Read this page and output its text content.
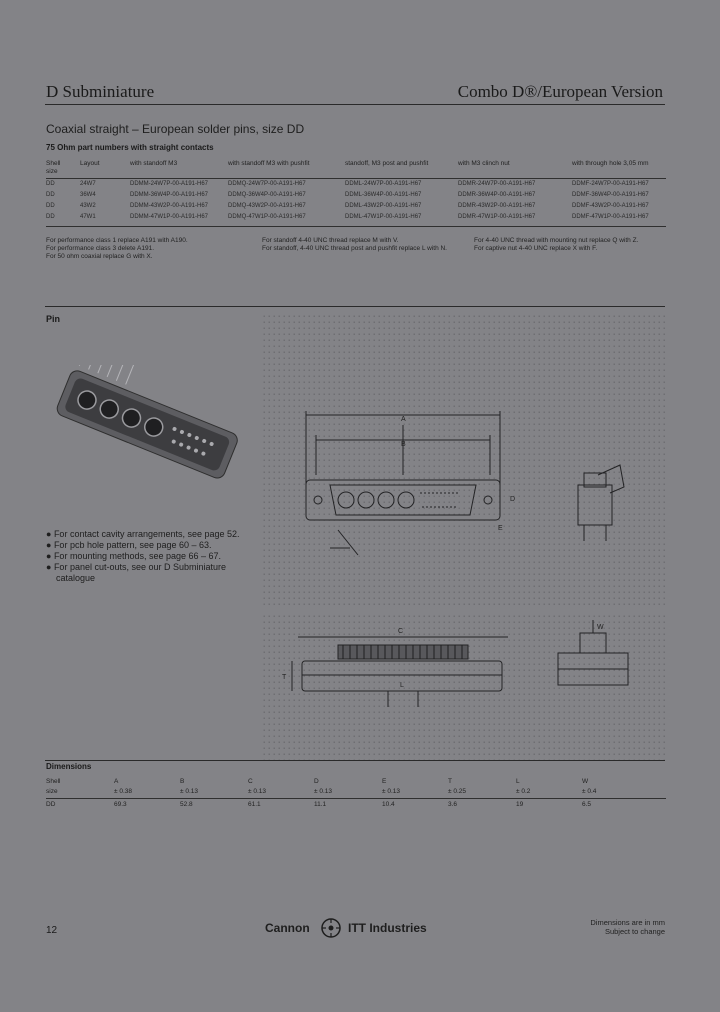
D Subminiature	Combo D®/European Version
Coaxial straight – European solder pins, size DD
75 Ohm part numbers with straight contacts
Shell size
Layout	with standoff M3	with standoff M3 with pushfit	standoff, M3 post and pushfit	with M3 clinch nut	with through hole 3,05 mm
DD	24W7	DDMM-24W7P-00-A191-H67	DDMQ-24W7P-00-A191-H67	DDML-24W7P-00-A191-H67	DDMR-24W7P-00-A191-H67	DDMF-24W7P-00-A191-H67
DD	36W4	DDMM-36W4P-00-A191-H67	DDMQ-36W4P-00-A191-H67	DDML-36W4P-00-A191-H67	DDMR-36W4P-00-A191-H67	DDMF-36W4P-00-A191-H67
DD	43W2	DDMM-43W2P-00-A191-H67	DDMQ-43W2P-00-A191-H67	DDML-43W2P-00-A191-H67	DDMR-43W2P-00-A191-H67	DDMF-43W2P-00-A191-H67
DD	47W1	DDMM-47W1P-00-A191-H67	DDMQ-47W1P-00-A191-H67	DDML-47W1P-00-A191-H67	DDMR-47W1P-00-A191-H67	DDMF-47W1P-00-A191-H67
For performance class 1 replace A191 with A190.
For performance class 3 delete A191.
For 50 ohm coaxial replace G with X.
For standoff 4-40 UNC thread replace M with V.
For standoff, 4-40 UNC thread post and pushfit replace L with N.
For 4-40 UNC thread with mounting nut replace Q with Z.
For captive nut 4-40 UNC replace X with F.
Pin
● For contact cavity arrangements, see page 52.
● For pcb hole pattern, see page 60 – 63.
● For mounting methods, see page 66 – 67.
● For panel cut-outs, see our D Subminiature catalogue
A
B
D
E
C
T
L
W
Dimensions
Shell	A	B	C	D	E	T	L	W
size	± 0.38	± 0.13	± 0.13	± 0.13	± 0.13	± 0.25	± 0.2	± 0.4
DD	69.3	52.8	61.1	11.1	10.4	3.6	19	6.5
12	Cannon	ITT Industries	Dimensions are in mm
Subject to change
